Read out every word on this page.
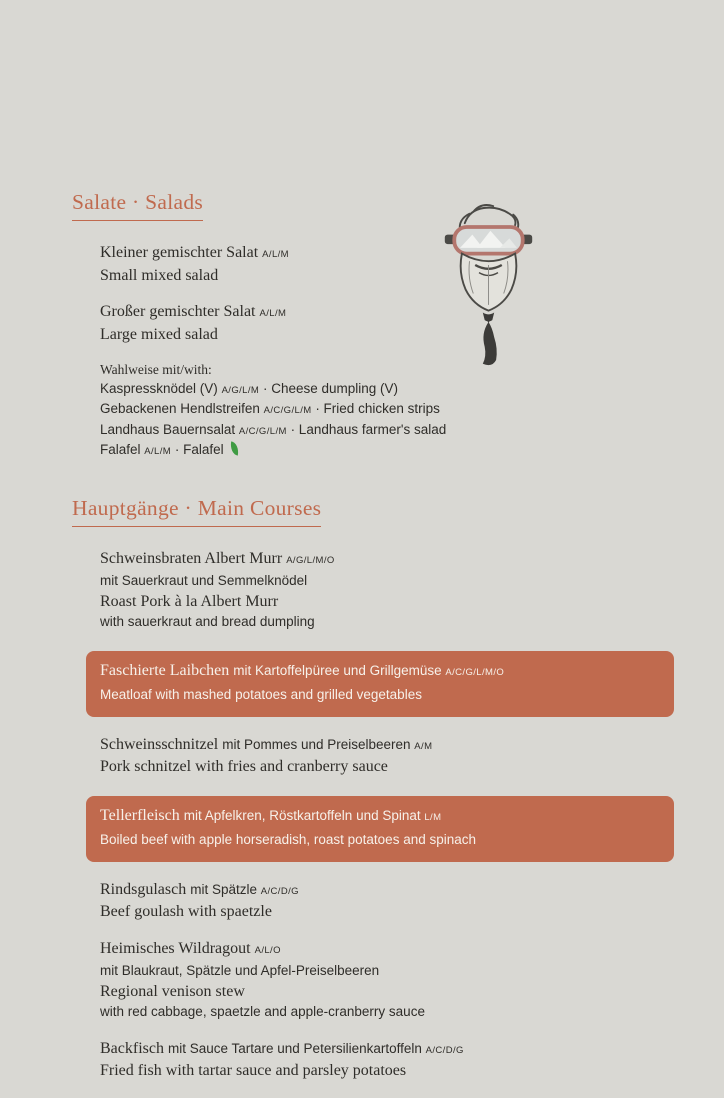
Salate · Salads
Kleiner gemischter Salat A/L/M
Small mixed salad
Großer gemischter Salat A/L/M
Large mixed salad
Wahlweise mit/with:
Kaspressknödel (V) A/G/L/M · Cheese dumpling (V)
Gebackenen Hendlstreifen A/C/G/L/M · Fried chicken strips
Landhaus Bauernsalat A/C/G/L/M · Landhaus farmer's salad
Falafel A/L/M · Falafel
Hauptgänge · Main Courses
Schweinsbraten Albert Murr A/G/L/M/O
mit Sauerkraut und Semmelknödel
Roast Pork à la Albert Murr
with sauerkraut and bread dumpling
Faschierte Laibchen mit Kartoffelpüree und Grillgemüse A/C/G/L/M/O
Meatloaf with mashed potatoes and grilled vegetables
Schweinsschnitzel mit Pommes und Preiselbeeren A/M
Pork schnitzel with fries and cranberry sauce
Tellerfleisch mit Apfelkren, Röstkartoffeln und Spinat L/M
Boiled beef with apple horseradish, roast potatoes and spinach
Rindsgulasch mit Spätzle A/C/D/G
Beef goulash with spaetzle
Heimisches Wildragout A/L/O
mit Blaukraut, Spätzle und Apfel-Preiselbeeren
Regional venison stew
with red cabbage, spaetzle and apple-cranberry sauce
Backfisch mit Sauce Tartare und Petersilienkartoffeln A/C/D/G
Fried fish with tartar sauce and parsley potatoes
